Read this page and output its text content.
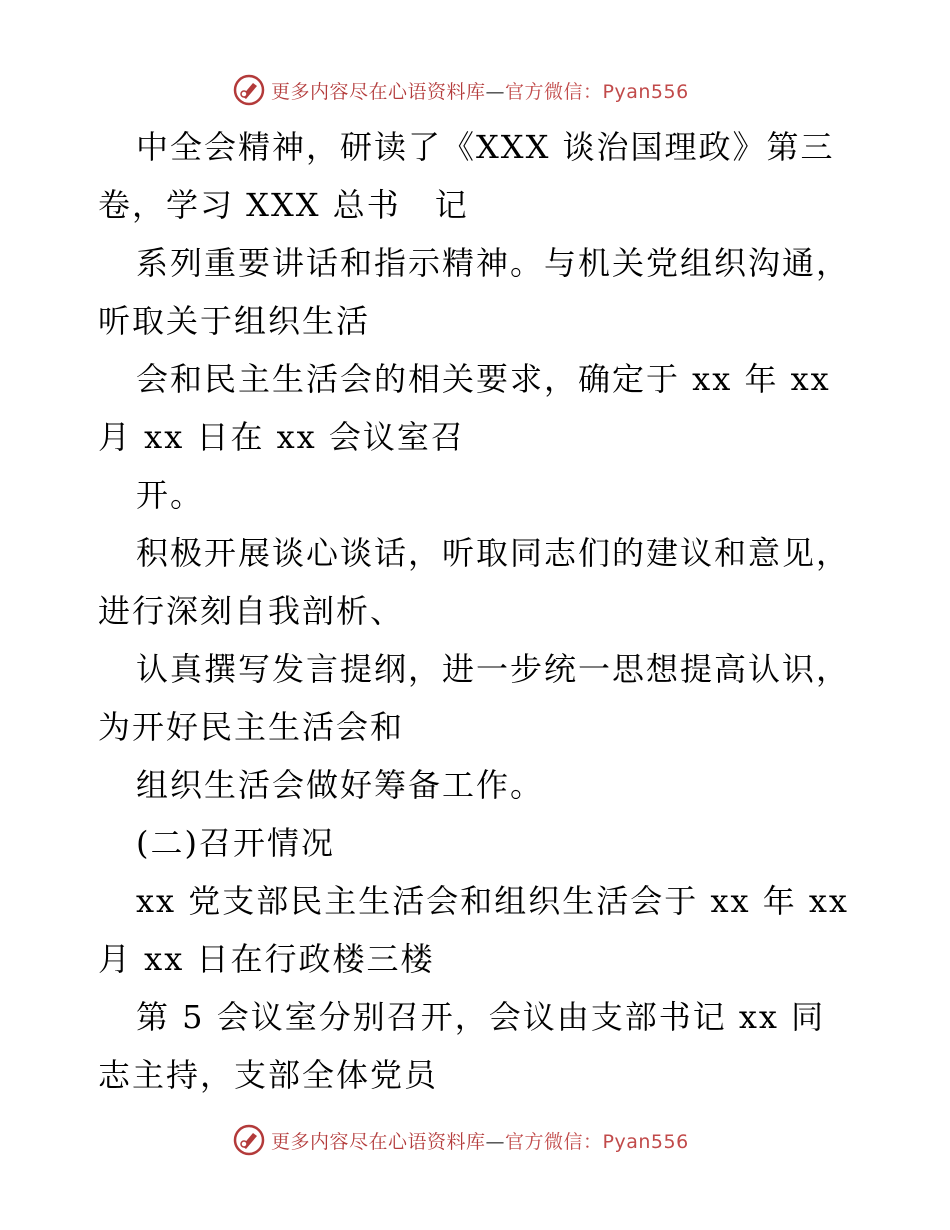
更多内容尽在心语资料库—官方微信：Pyan556
中全会精神，研读了《XXX 谈治国理政》第三
卷，学习 XXX 总书　记
系列重要讲话和指示精神。与机关党组织沟通，
听取关于组织生活
会和民主生活会的相关要求，确定于 xx 年 xx
月 xx 日在 xx 会议室召
开。
积极开展谈心谈话，听取同志们的建议和意见，
进行深刻自我剖析、
认真撰写发言提纲，进一步统一思想提高认识，
为开好民主生活会和
组织生活会做好筹备工作。
(二)召开情况
xx 党支部民主生活会和组织生活会于 xx 年 xx
月 xx 日在行政楼三楼
第 5 会议室分别召开，会议由支部书记 xx 同
志主持，支部全体党员
更多内容尽在心语资料库—官方微信：Pyan556
